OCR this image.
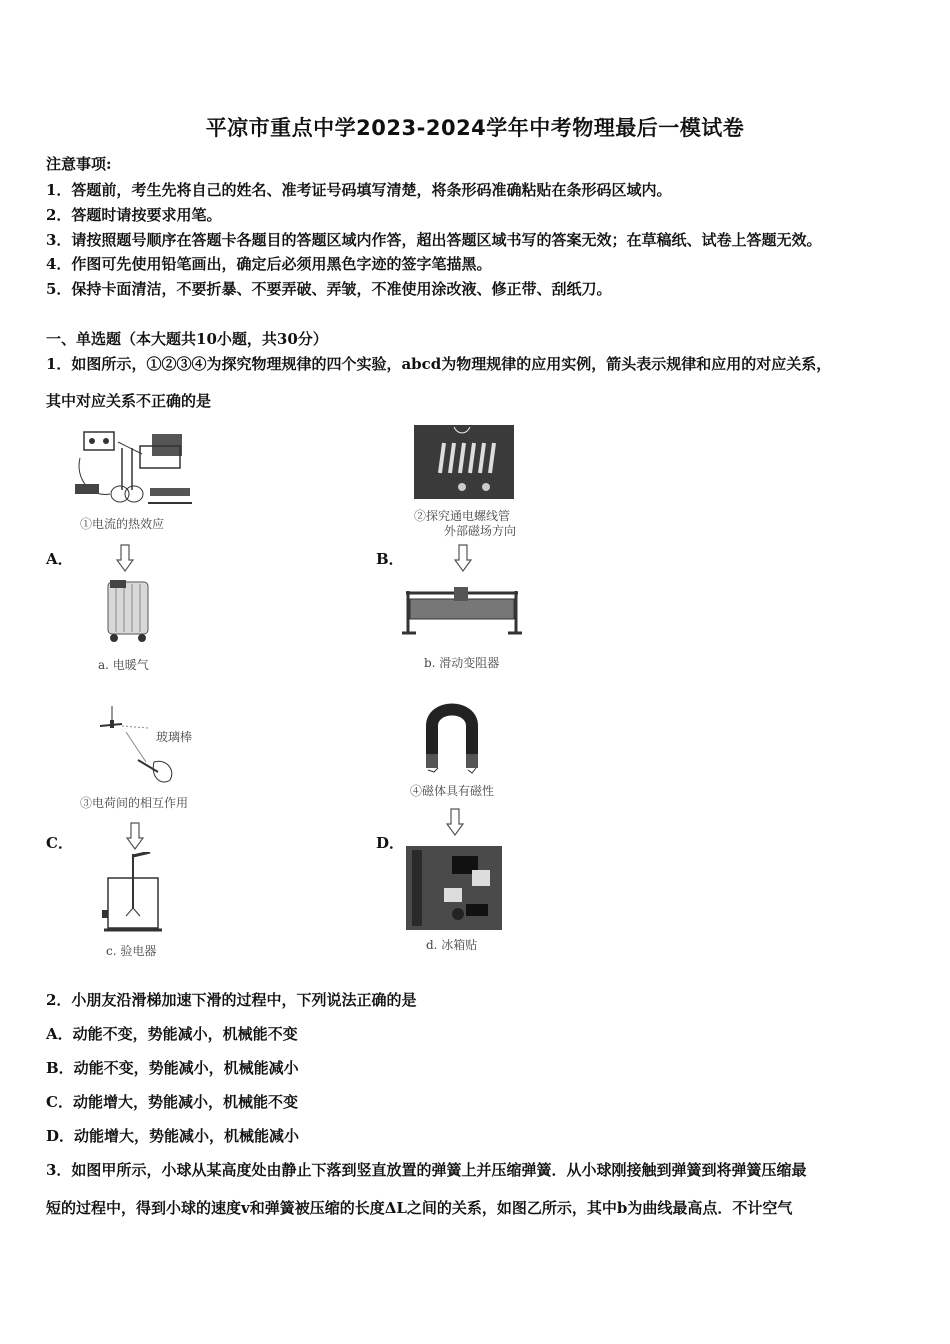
平凉市重点中学2023-2024学年中考物理最后一模试卷
注意事项:
1．答题前，考生先将自己的姓名、准考证号码填写清楚，将条形码准确粘贴在条形码区域内。
2．答题时请按要求用笔。
3．请按照题号顺序在答题卡各题目的答题区域内作答，超出答题区域书写的答案无效；在草稿纸、试卷上答题无效。
4．作图可先使用铅笔画出，确定后必须用黑色字迹的签字笔描黑。
5．保持卡面清洁，不要折暴、不要弄破、弄皱，不准使用涂改液、修正带、刮纸刀。
一、单选题（本大题共10小题，共30分）
1．如图所示，①②③④为探究物理规律的四个实验，abcd为物理规律的应用实例，箭头表示规律和应用的对应关系，
其中对应关系不正确的是
A．
①电流的热效应
a. 电暖气
B．
②探究通电螺线管
外部磁场方向
b. 滑动变阻器
C．
玻璃棒
③电荷间的相互作用
c. 验电器
D．
④磁体具有磁性
d. 冰箱贴
2．小朋友沿滑梯加速下滑的过程中，下列说法正确的是
A．动能不变，势能减小，机械能不变
B．动能不变，势能减小，机械能减小
C．动能增大，势能减小，机械能不变
D．动能增大，势能减小，机械能减小
3．如图甲所示，小球从某高度处由静止下落到竖直放置的弹簧上并压缩弹簧．从小球刚接触到弹簧到将弹簧压缩最
短的过程中，得到小球的速度v和弹簧被压缩的长度ΔL之间的关系，如图乙所示，其中b为曲线最高点．不计空气
